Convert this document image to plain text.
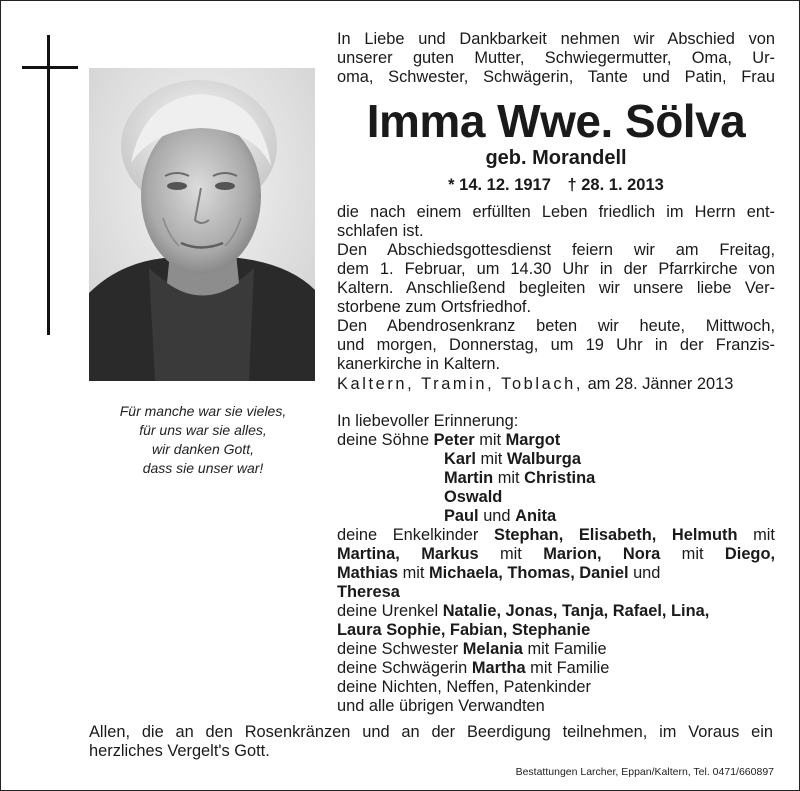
Für manche war sie vieles,
für uns war sie alles,
wir danken Gott,
dass sie unser war!
In Liebe und Dankbarkeit nehmen wir Abschied von
unserer guten Mutter, Schwiegermutter, Oma, Ur-
oma, Schwester, Schwägerin, Tante und Patin, Frau
Imma Wwe. Sölva
geb. Morandell
* 14. 12. 1917 † 28. 1. 2013
die nach einem erfüllten Leben friedlich im Herrn ent-
schlafen ist.
Den Abschiedsgottesdienst feiern wir am Freitag,
dem 1. Februar, um 14.30 Uhr in der Pfarrkirche von
Kaltern. Anschließend begleiten wir unsere liebe Ver-
storbene zum Ortsfriedhof.
Den Abendrosenkranz beten wir heute, Mittwoch,
und morgen, Donnerstag, um 19 Uhr in der Franzis-
kanerkirche in Kaltern.
Kaltern, Tramin, Toblach, am 28. Jänner 2013
In liebevoller Erinnerung:
deine Söhne Peter mit Margot
Karl mit Walburga
Martin mit Christina
Oswald
Paul und Anita
deine Enkelkinder Stephan, Elisabeth, Helmuth mit
Martina, Markus mit Marion, Nora mit Diego,
Mathias mit Michaela, Thomas, Daniel und
Theresa
deine Urenkel Natalie, Jonas, Tanja, Rafael, Lina,
Laura Sophie, Fabian, Stephanie
deine Schwester Melania mit Familie
deine Schwägerin Martha mit Familie
deine Nichten, Neffen, Patenkinder
und alle übrigen Verwandten
Allen, die an den Rosenkränzen und an der Beerdigung teilnehmen, im Voraus ein
herzliches Vergelt's Gott.
Bestattungen Larcher, Eppan/Kaltern, Tel. 0471/660897
